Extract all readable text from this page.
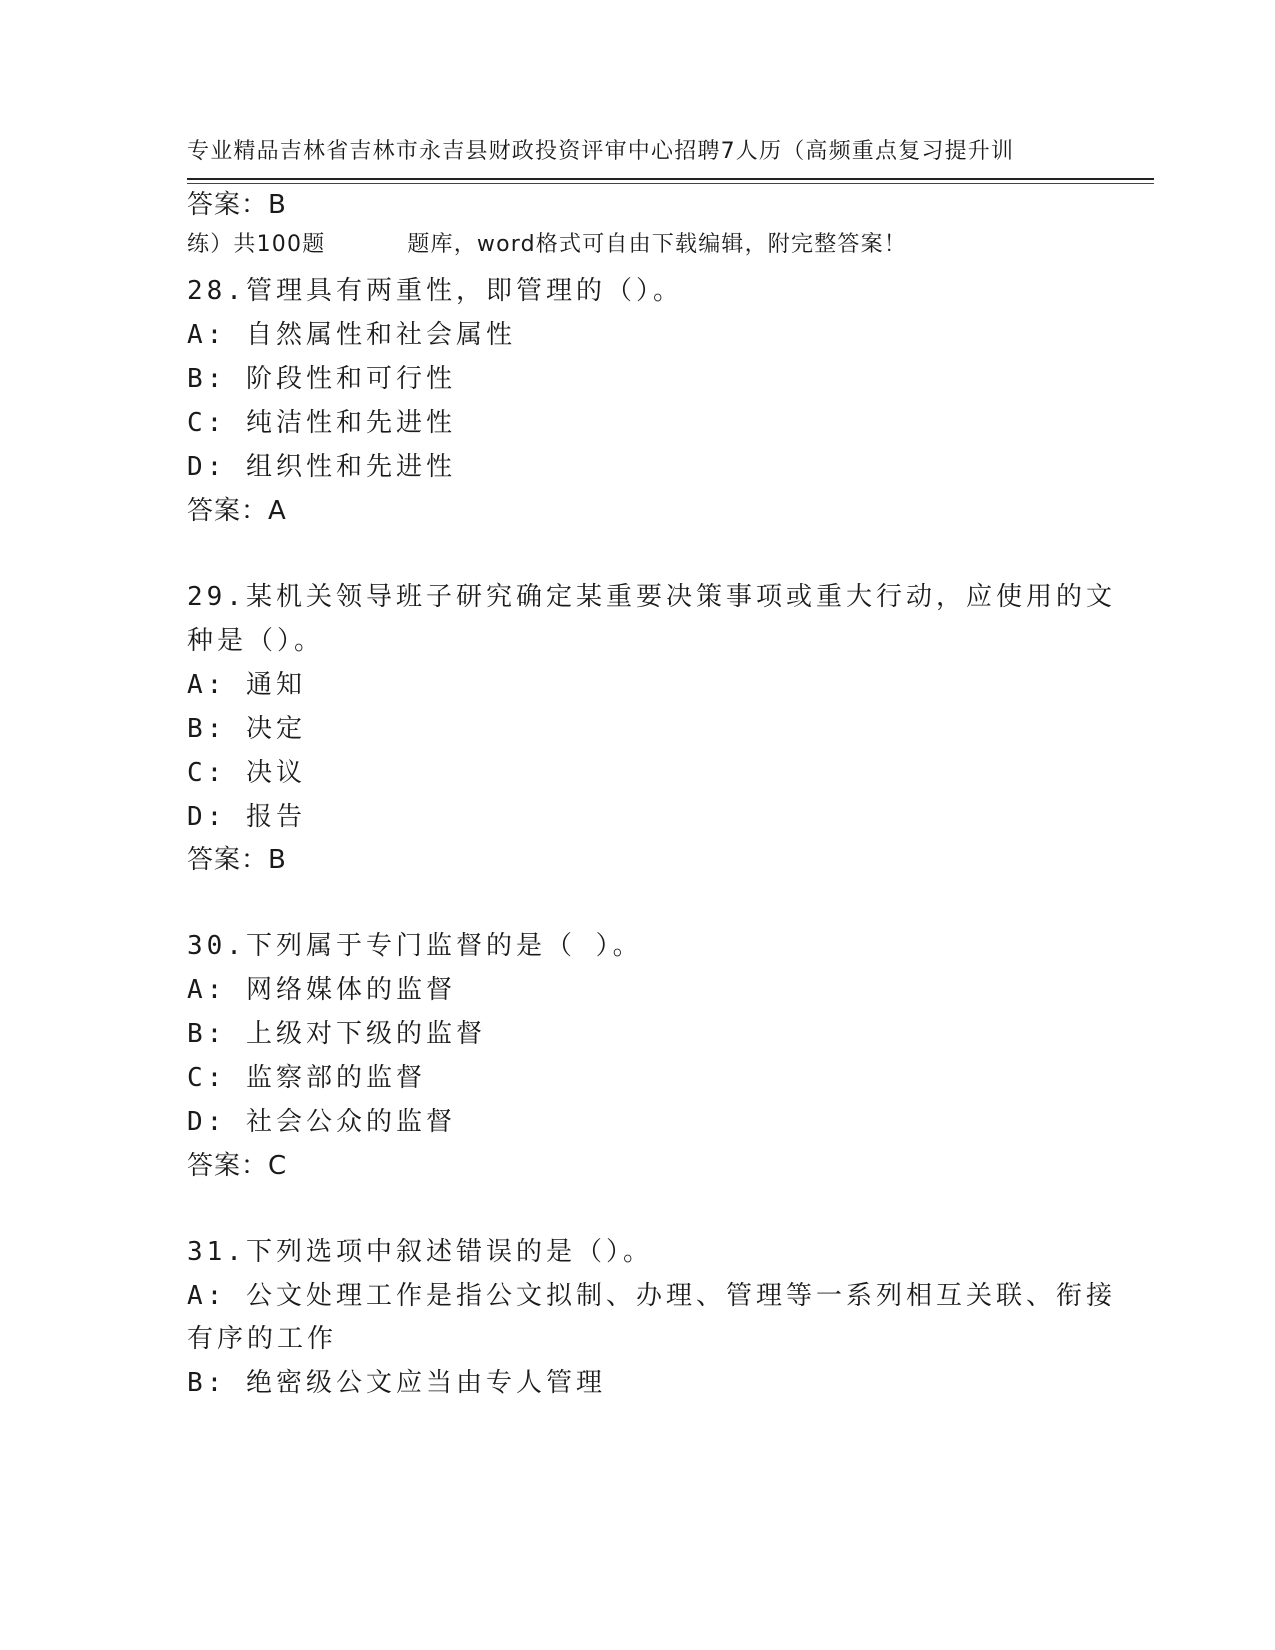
专业精品吉林省吉林市永吉县财政投资评审中心招聘7人历（高频重点复习提升训

练）共100题          题库，word格式可自由下载编辑，附完整答案！

答案：B
28.管理具有两重性，即管理的（）。
A: 自然属性和社会属性
B: 阶段性和可行性
C: 纯洁性和先进性
D: 组织性和先进性
答案：A
29.某机关领导班子研究确定某重要决策事项或重大行动，应使用的文
种是（）。
A: 通知
B: 决定
C: 决议
D: 报告
答案：B
30.下列属于专门监督的是（ ）。
A: 网络媒体的监督
B: 上级对下级的监督
C: 监察部的监督
D: 社会公众的监督
答案：C
31.下列选项中叙述错误的是（）。
A: 公文处理工作是指公文拟制、办理、管理等一系列相互关联、衔接
有序的工作
B: 绝密级公文应当由专人管理
